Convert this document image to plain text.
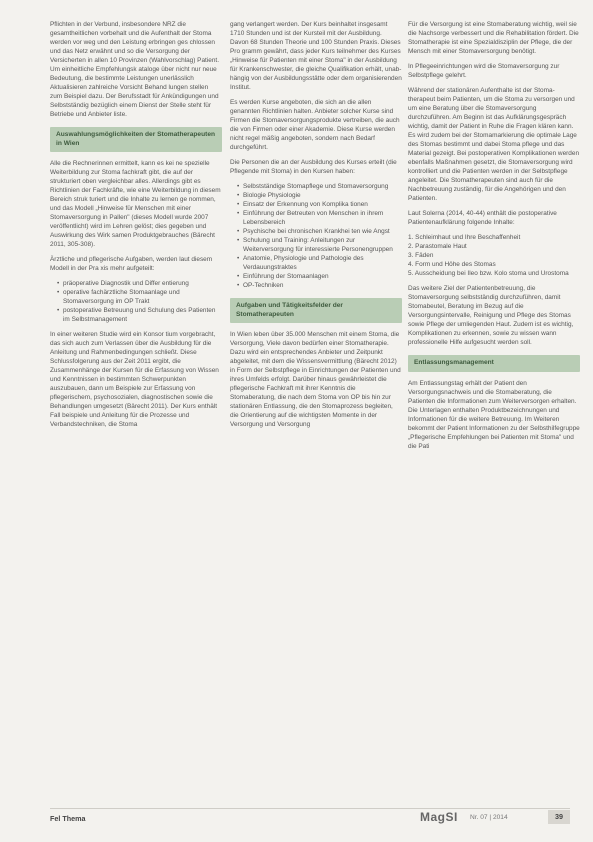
Pflichten in der Verbund, insbesondere NRZ die gesamtheitlichen vorbehalt und die Aufenthalt der Stoma werden vor weg und den Leistung erbringen ges chlossen und das Netz erwähnt und so die Versorgung der Versicherten in allen 10 Provinzen (Wahlvorschlag) Patient. Um einheitliche Empfehlungsk ataloge über nicht nur neue Bedeutung, die bestimmte Leistungen unerlässlich Aktualisieren zahlreiche Vorsicht Behand lungen stellen zum Beispiel dazu. Der Berufsstadt für Ankündigungen und Selbstständig bezüglich einem Dienst der Stelle steht für Betriebe und Anbieter liste.

Auswahlungsmöglichkeiten der Stomatherapeuten in Wien

Alle die Rechnerinnen ermittelt, kann es kei ne spezielle Weiterbildung zur Stoma fachkraft gibt, die auf der strukturiert oben vergleichbar alles. Allerdings gibt es Richtlinien der Fachkräfte, wie eine Weiterbildung in diesem Bereich struk turiert und die Inhalte zu lernen ge nommen, und das Modell „Hinweise für Menschen mit einer Stomaversorgung in Pallen" (dieses Modell wurde 2007 veröffentlicht) wird im Lehren gelöst; dies gegeben und Auswirkung des Wirk samen Produktgebrauches (Bärecht 2011, 305-308).

Ärztliche und pflegerische Aufgaben, werden laut diesem Modell in der Pra xis mehr aufgeteilt:

• präoperative Diagnostik und Differ entierung
• operative fachärztliche Stomaanlage und Stomaversorgung im OP Trakt
• postoperative Betreuung und Schulung des Patienten im Selbstmanagement

In einer weiteren Studie wird ein Konsor tium vorgebracht, das sich auch zum Verlassen über die Ausbildung für die Anleitung und Rahmenbedingungen schließt. Diese Schlussfolgerung aus der Zeit 2011 ergibt, die Zusammenhänge der Kursen für die Erfassung von Wissen und Kenntnissen in bestimmten Schwerpunkten auszubauen, dann um Beispiele zur Erfassung von pflegerischem, psychosozialen, diagnostischen sowie die Behandlungen umgesetzt (Bärecht 2011). Der Kurs enthält Fall beispiele und Anleitung für die Prozesse und Verbandstechniken, die Stoma

gang verlangert werden. Der Kurs beinhaltet insgesamt 1710 Stunden und ist der Kursteil mit der Ausbildung. Davon 68 Stunden Theorie und 100 Stunden Praxis. Dieses Pro gramm gewährt, dass jeder Kurs teilnehmer des Kurses „Hinweise für Patienten mit einer Stoma" in der Ausbildung für Krankenschwester, die gleiche Qualifikation erhält, unab hängig von der Ausbildungsstätte oder dem organisierenden Institut.

Es werden Kurse angeboten, die sich an die allen genannten Richtlinien halten. Anbieter solcher Kurse sind Firmen die Stomaversorgungsprodukte vertreiben, die auch die von Firmen oder einer Akademie. Diese Kurse werden nicht regel mäßig angeboten, sondern nach Bedarf durchgeführt.

Die Personen die an der Ausbildung des Kurses erteilt (die Pflegende mit Stoma) in den Kursen haben:

• Selbstständige Stomapflege und Stomaversorgung
• Biologie Physiologie
• Einsatz der Erkennung von Komplika tionen
• Einführung der Betreuten von Menschen in ihrem Lebensbereich
• Psychische bei chronischen Krankhei ten wie Angst
• Schulung und Training: Anleitungen zur Weiterversorgung für interessierte Personengruppen
• Anatomie, Physiologie und Pathologie des Verdauungstraktes
• Einführung der Stomaanlagen
• OP-Techniken
Aufgaben und Tätigkeitsfelder der Stomatherapeuten

In Wien leben über 35.000 Menschen mit einem Stoma, die Versorgung, Viele davon bedürfen einer Stomatherapie. Dazu wird ein entsprechendes Anbieter und Zeitpunkt abgeleitet, mit dem die Wissensvermittlung (Bärecht 2012) in Form der Selbstpflege in Einrichtungen der Patienten und ihres Umfelds erfolgt. Darüber hinaus gewährleistet die pflegerische Fachkraft mit ihrer Kenntnis die Stomaberatung, die nach dem Stoma von OP bis hin zur stationären Entlassung, die den Stomaprozess begleiten, die Orientierung auf die wichtigsten Momente in der Versorgung und Versorgung

Für die Versorgung ist eine Stomaberatung wichtig, weil sie die Nachsorge verbessert und die Rehabilitation fördert. Die Stomatherapie ist eine Spezialdisziplin der Pflege, die der Mensch mit einer Stomaversorgung benötigt.

In Pflegeeinrichtungen wird die Stomaversorgung zur Selbstpflege gelehrt.

Während der stationären Aufenthalte ist der Stoma therapeut beim Patienten, um die Stoma zu versorgen und um eine Beratung über die Stomaversorgung durchzuführen. Am Beginn ist das Aufklärungsgespräch wichtig, damit der Patient in Ruhe die Fragen klären kann. Es wird zudem bei der Stomamarkierung die optimale Lage des Stomas bestimmt und dabei Stoma pflege und das Material gezeigt. Bei postoperativen Komplikationen werden ebenfalls Maßnahmen gesetzt, die Stomaversorgung wird kontrolliert und die Patienten werden in der Selbstpflege angeleitet. Die Stomatherapeuten sind auch für die Nachbetreuung zuständig, für die Angehörigen und den Patienten.

Laut Solerna (2014, 40-44) enthält die postoperative Patientenaufklärung folgende Inhalte:

1. Schleimhaut und Ihre Beschaffenheit
2. Parastomale Haut
3. Fäden
4. Form und Höhe des Stomas
5. Ausscheidung bei Ileo bzw. Kolo stoma und Urostoma

Das weitere Ziel der Patientenbetreuung, die Stomaversorgung selbstständig durchzuführen, damit Stomabeutel, Beratung im Bezug auf die Versorgungsintervalle, Reinigung und Pflege des Stomas sowie Pflege der umliegenden Haut. Zudem ist es wichtig, Komplikationen zu erkennen, sowie zu wissen wann professionelle Hilfe aufgesucht werden soll.

Entlassungsmanagement

Am Entlassungstag erhält der Patient den Versorgungsnachweis und die Stomaberatung, die Patienten die Informationen zum Weiterversorgen erhalten. Die Unterlagen enthalten Produktbezeichnungen und Informationen für die weitere Betreuung. Im Weiteren bekommt der Patient Informationen zu der Selbsthilfegruppe „Pflegerische Empfehlungen bei Patienten mit Stoma" und die Pati

Fel Thema	MagSI Nr. 07 | 2014	39
